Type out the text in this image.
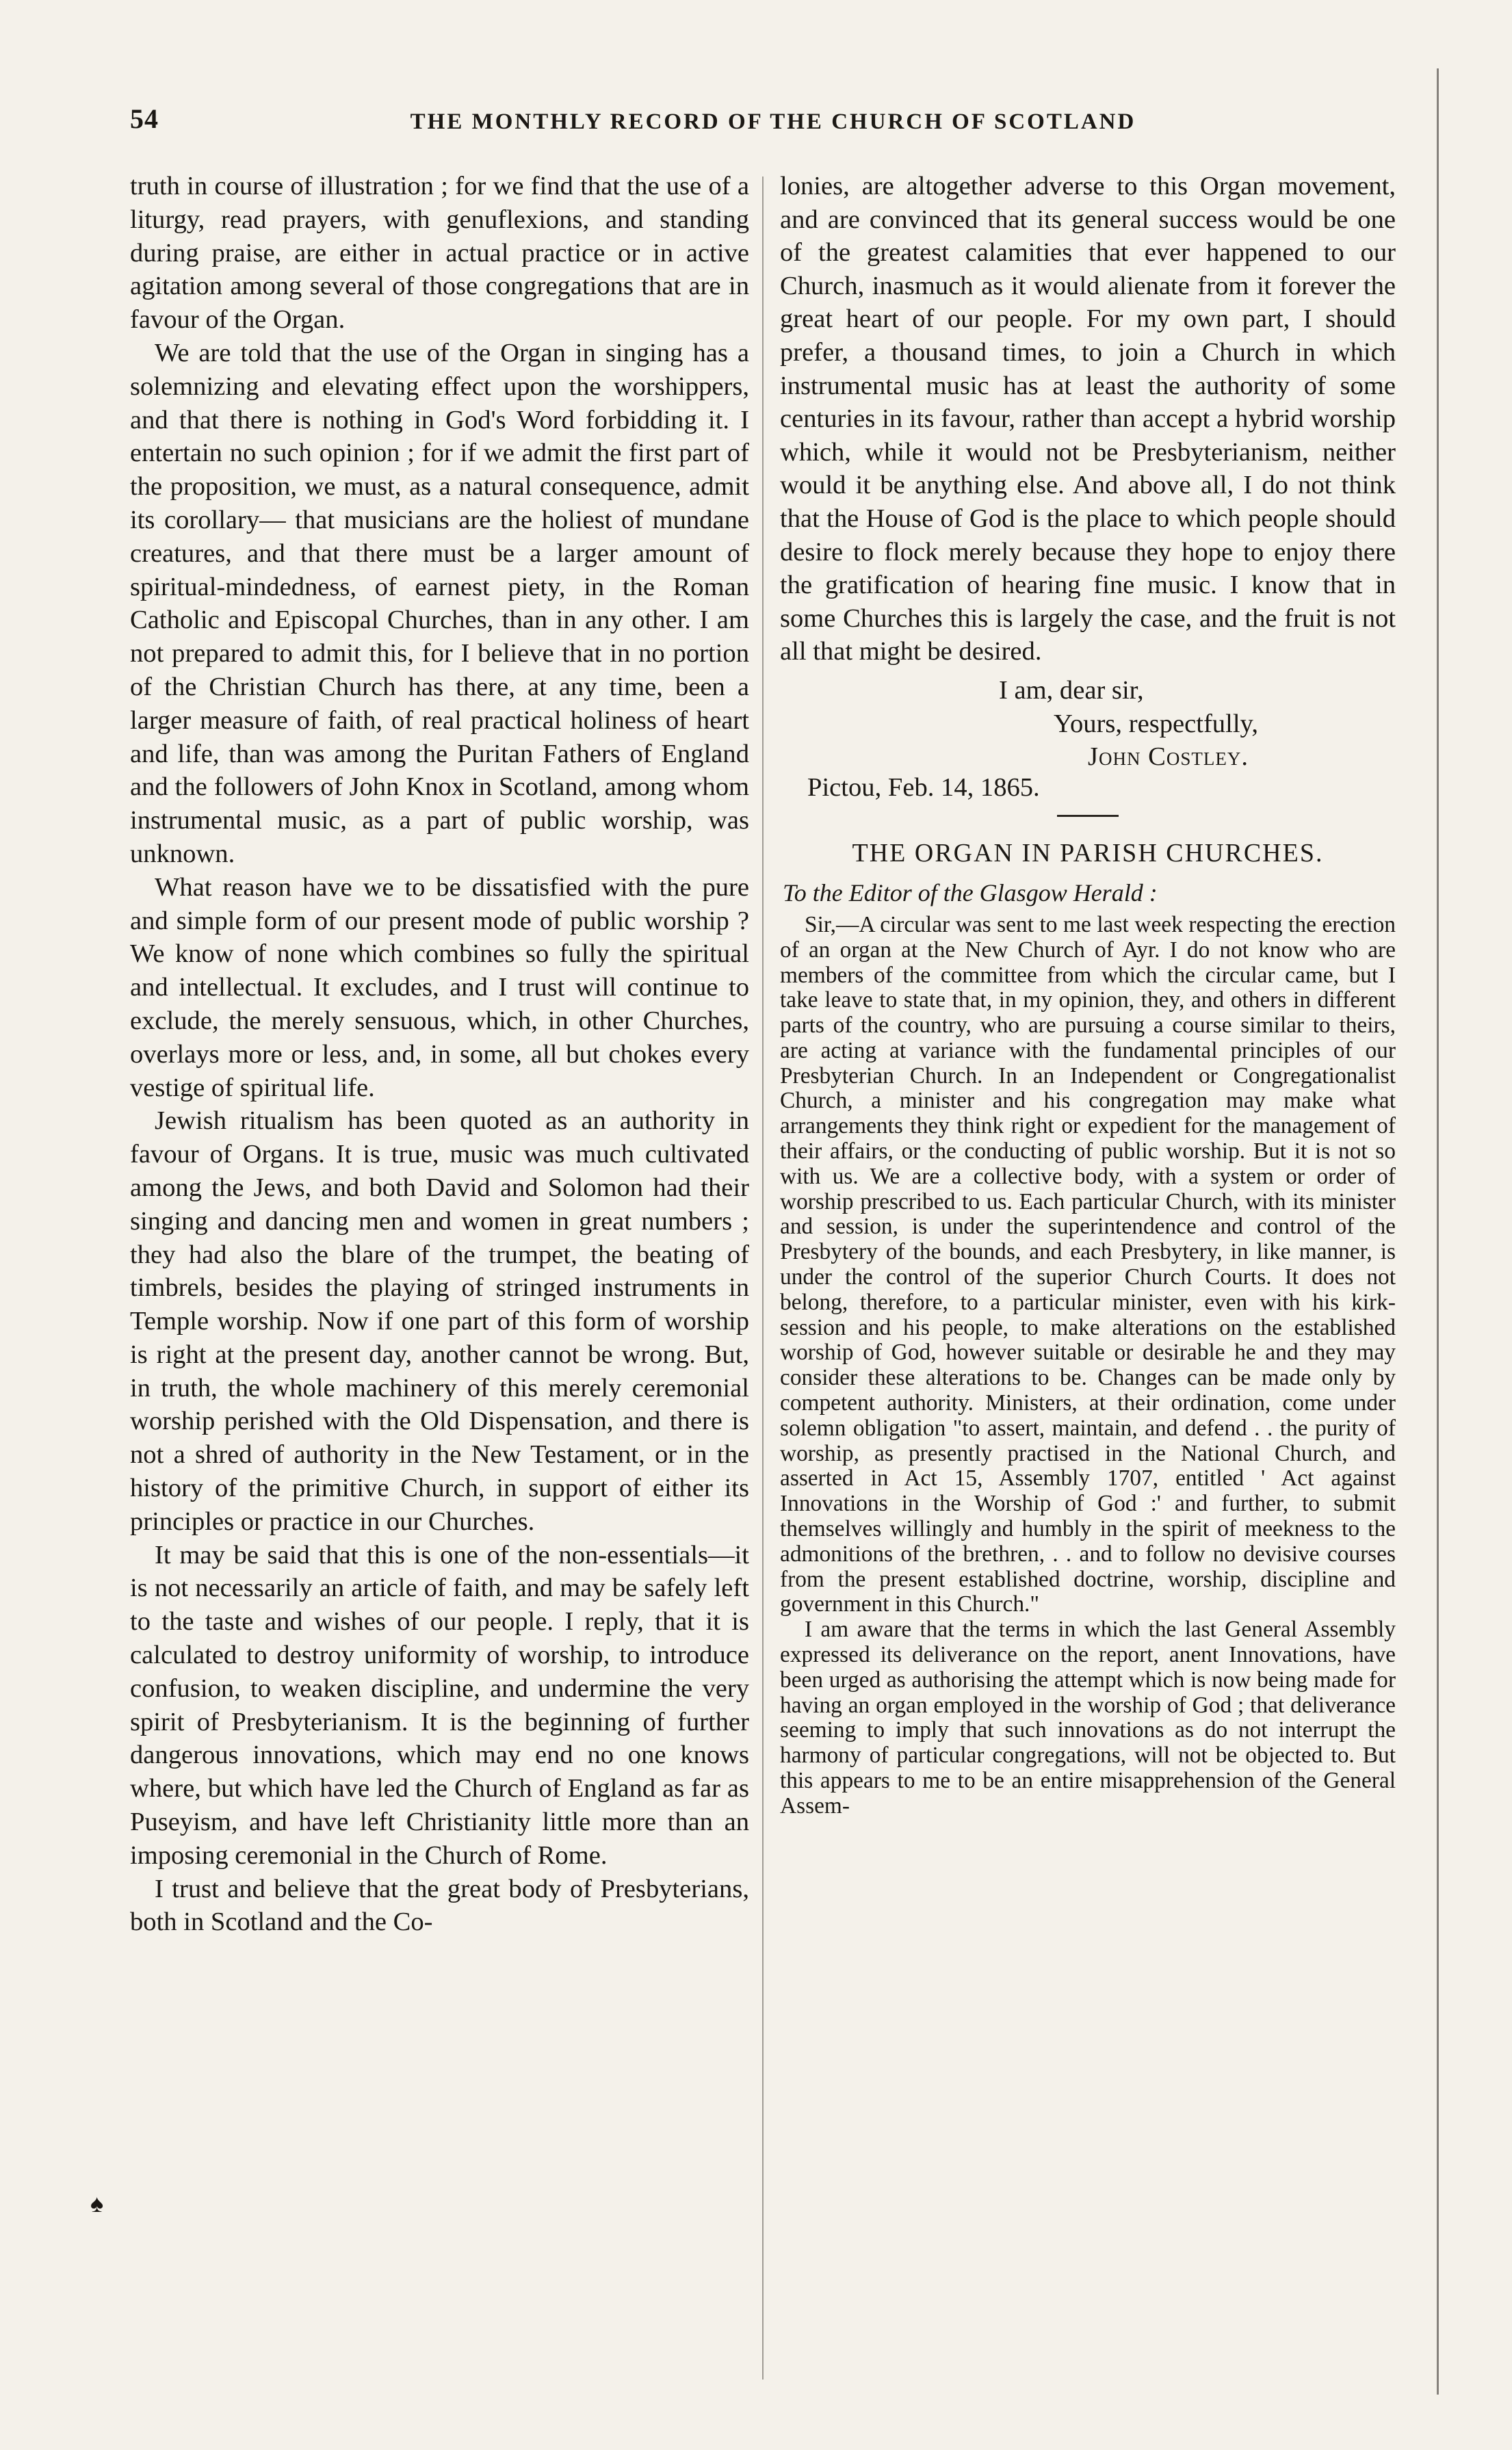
54	THE MONTHLY RECORD OF THE CHURCH OF SCOTLAND

truth in course of illustration ; for we find that the use of a liturgy, read prayers, with genuflexions, and standing during praise, are either in actual practice or in active agitation among several of those congregations that are in favour of the Organ.

We are told that the use of the Organ in singing has a solemnizing and elevating effect upon the worshippers, and that there is nothing in God's Word forbidding it. I entertain no such opinion ; for if we admit the first part of the proposition, we must, as a natural consequence, admit its corollary— that musicians are the holiest of mundane creatures, and that there must be a larger amount of spiritual-mindedness, of earnest piety, in the Roman Catholic and Episcopal Churches, than in any other. I am not prepared to admit this, for I believe that in no portion of the Christian Church has there, at any time, been a larger measure of faith, of real practical holiness of heart and life, than was among the Puritan Fathers of England and the followers of John Knox in Scotland, among whom instrumental music, as a part of public worship, was unknown.

What reason have we to be dissatisfied with the pure and simple form of our present mode of public worship ? We know of none which combines so fully the spiritual and intellectual. It excludes, and I trust will continue to exclude, the merely sensuous, which, in other Churches, overlays more or less, and, in some, all but chokes every vestige of spiritual life.

Jewish ritualism has been quoted as an authority in favour of Organs. It is true, music was much cultivated among the Jews, and both David and Solomon had their singing and dancing men and women in great numbers ; they had also the blare of the trumpet, the beating of timbrels, besides the playing of stringed instruments in Temple worship. Now if one part of this form of worship is right at the present day, another cannot be wrong. But, in truth, the whole machinery of this merely ceremonial worship perished with the Old Dispensation, and there is not a shred of authority in the New Testament, or in the history of the primitive Church, in support of either its principles or practice in our Churches.

It may be said that this is one of the non-essentials—it is not necessarily an article of faith, and may be safely left to the taste and wishes of our people. I reply, that it is calculated to destroy uniformity of worship, to introduce confusion, to weaken discipline, and undermine the very spirit of Presbyterianism. It is the beginning of further dangerous innovations, which may end no one knows where, but which have led the Church of England as far as Puseyism, and have left Christianity little more than an imposing ceremonial in the Church of Rome.

I trust and believe that the great body of Presbyterians, both in Scotland and the Co-

♠

lonies, are altogether adverse to this Organ movement, and are convinced that its general success would be one of the greatest calamities that ever happened to our Church, inasmuch as it would alienate from it forever the great heart of our people. For my own part, I should prefer, a thousand times, to join a Church in which instrumental music has at least the authority of some centuries in its favour, rather than accept a hybrid worship which, while it would not be Presbyterianism, neither would it be anything else. And above all, I do not think that the House of God is the place to which people should desire to flock merely because they hope to enjoy there the gratification of hearing fine music. I know that in some Churches this is largely the case, and the fruit is not all that might be desired.

I am, dear sir,
Yours, respectfully,
John Costley.
Pictou, Feb. 14, 1865.
THE ORGAN IN PARISH CHURCHES.
To the Editor of the Glasgow Herald :

Sir,—A circular was sent to me last week respecting the erection of an organ at the New Church of Ayr. I do not know who are members of the committee from which the circular came, but I take leave to state that, in my opinion, they, and others in different parts of the country, who are pursuing a course similar to theirs, are acting at variance with the fundamental principles of our Presbyterian Church. In an Independent or Congregationalist Church, a minister and his congregation may make what arrangements they think right or expedient for the management of their affairs, or the conducting of public worship. But it is not so with us. We are a collective body, with a system or order of worship prescribed to us. Each particular Church, with its minister and session, is under the superintendence and control of the Presbytery of the bounds, and each Presbytery, in like manner, is under the control of the superior Church Courts. It does not belong, therefore, to a particular minister, even with his kirk-session and his people, to make alterations on the established worship of God, however suitable or desirable he and they may consider these alterations to be. Changes can be made only by competent authority. Ministers, at their ordination, come under solemn obligation "to assert, maintain, and defend . . the purity of worship, as presently practised in the National Church, and asserted in Act 15, Assembly 1707, entitled ' Act against Innovations in the Worship of God :' and further, to submit themselves willingly and humbly in the spirit of meekness to the admonitions of the brethren, . . and to follow no devisive courses from the present established doctrine, worship, discipline and government in this Church."

I am aware that the terms in which the last General Assembly expressed its deliverance on the report, anent Innovations, have been urged as authorising the attempt which is now being made for having an organ employed in the worship of God ; that deliverance seeming to imply that such innovations as do not interrupt the harmony of particular congregations, will not be objected to. But this appears to me to be an entire misapprehension of the General Assem-
